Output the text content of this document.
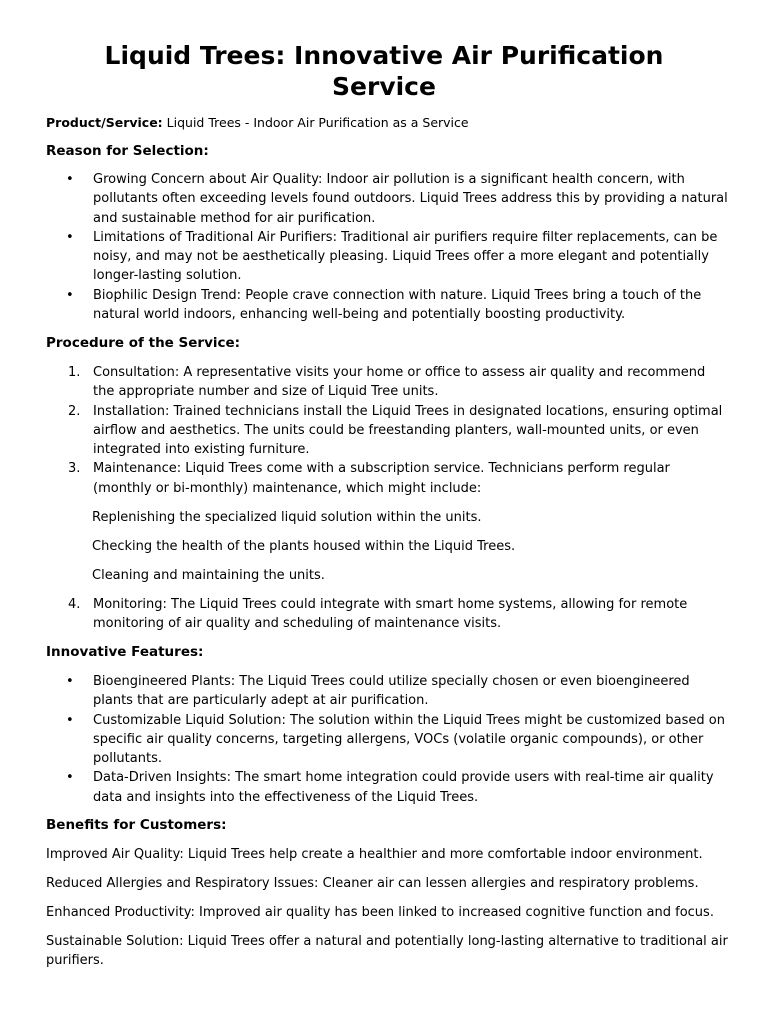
Liquid Trees: Innovative Air Purification Service
Product/Service: Liquid Trees - Indoor Air Purification as a Service
Reason for Selection:
• Growing Concern about Air Quality: Indoor air pollution is a significant health concern, with pollutants often exceeding levels found outdoors. Liquid Trees address this by providing a natural and sustainable method for air purification.
• Limitations of Traditional Air Purifiers: Traditional air purifiers require filter replacements, can be noisy, and may not be aesthetically pleasing. Liquid Trees offer a more elegant and potentially longer-lasting solution.
• Biophilic Design Trend: People crave connection with nature. Liquid Trees bring a touch of the natural world indoors, enhancing well-being and potentially boosting productivity.
Procedure of the Service:
1. Consultation: A representative visits your home or office to assess air quality and recommend the appropriate number and size of Liquid Tree units.
2. Installation: Trained technicians install the Liquid Trees in designated locations, ensuring optimal airflow and aesthetics. The units could be freestanding planters, wall-mounted units, or even integrated into existing furniture.
3. Maintenance: Liquid Trees come with a subscription service. Technicians perform regular (monthly or bi-monthly) maintenance, which might include:

Replenishing the specialized liquid solution within the units.

Checking the health of the plants housed within the Liquid Trees.

Cleaning and maintaining the units.

4. Monitoring: The Liquid Trees could integrate with smart home systems, allowing for remote monitoring of air quality and scheduling of maintenance visits.
Innovative Features:
• Bioengineered Plants: The Liquid Trees could utilize specially chosen or even bioengineered plants that are particularly adept at air purification.
• Customizable Liquid Solution: The solution within the Liquid Trees might be customized based on specific air quality concerns, targeting allergens, VOCs (volatile organic compounds), or other pollutants.
• Data-Driven Insights: The smart home integration could provide users with real-time air quality data and insights into the effectiveness of the Liquid Trees.
Benefits for Customers:

Improved Air Quality: Liquid Trees help create a healthier and more comfortable indoor environment.

Reduced Allergies and Respiratory Issues: Cleaner air can lessen allergies and respiratory problems.

Enhanced Productivity: Improved air quality has been linked to increased cognitive function and focus.

Sustainable Solution: Liquid Trees offer a natural and potentially long-lasting alternative to traditional air purifiers.
